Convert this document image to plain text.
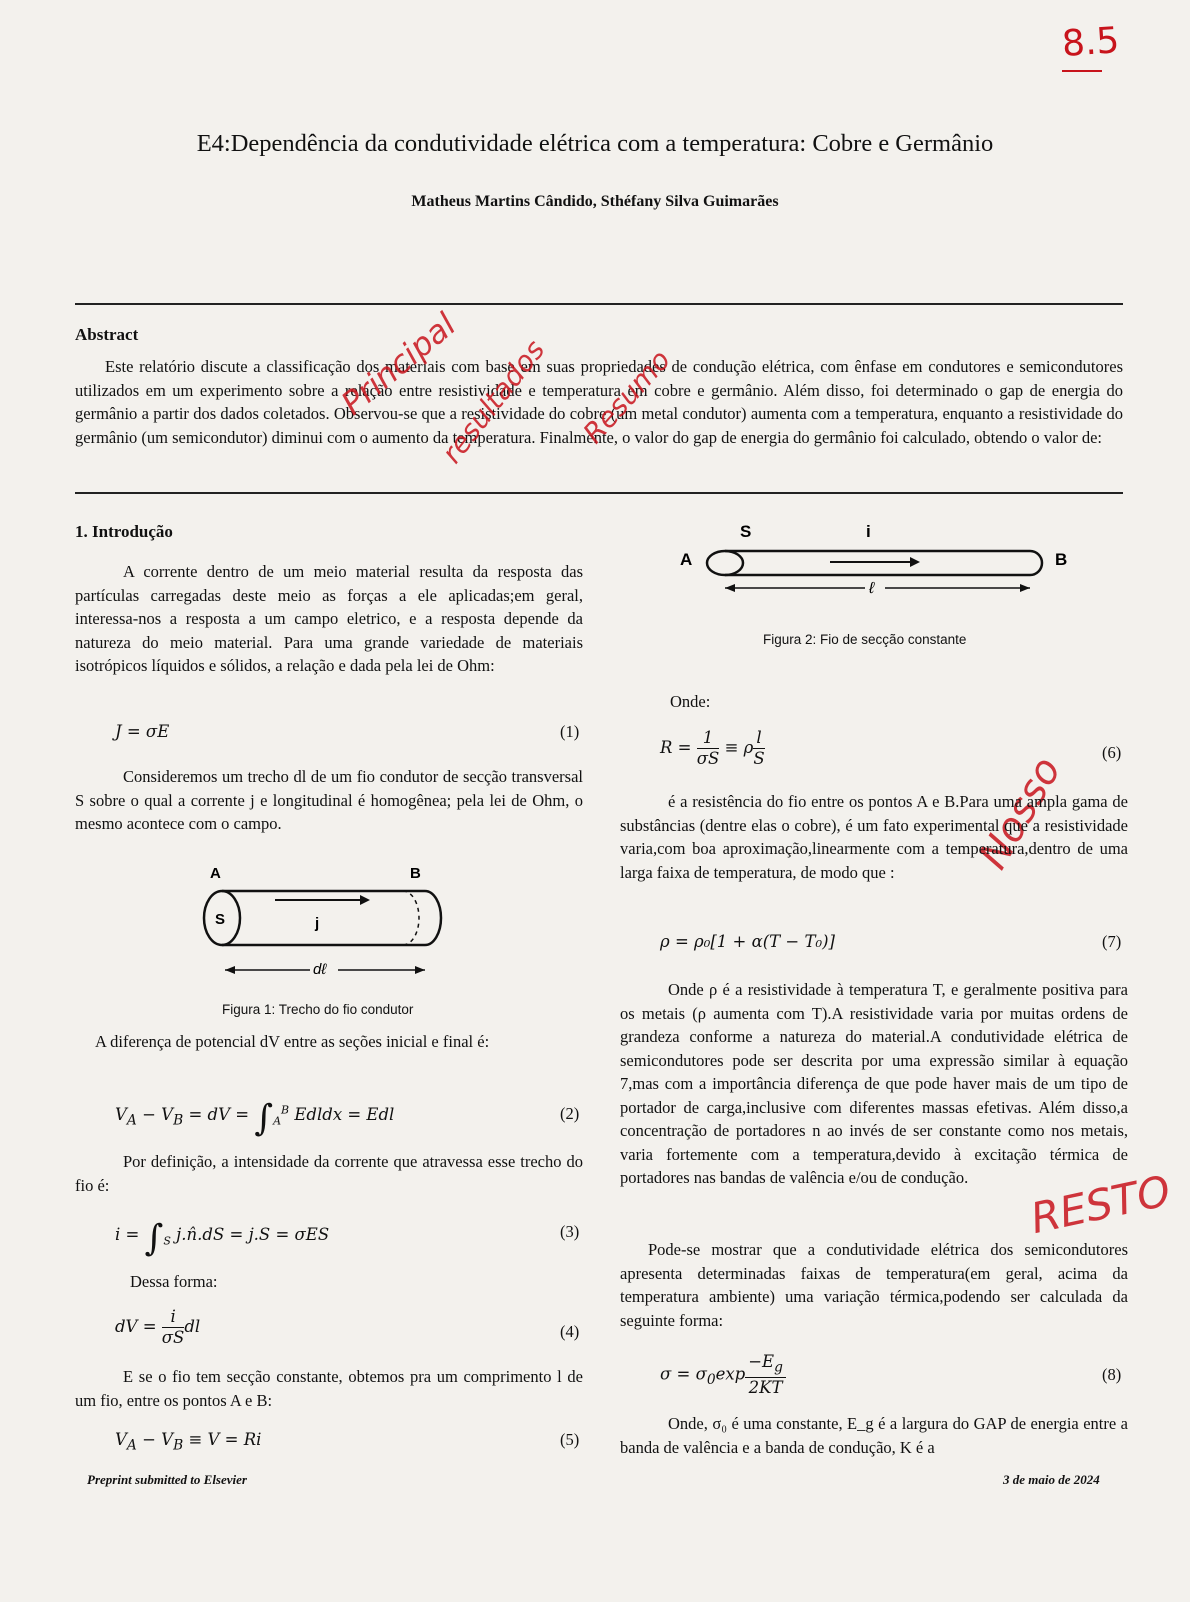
8.5
E4:Dependência da condutividade elétrica com a temperatura: Cobre e Germânio
Matheus Martins Cândido, Sthéfany Silva Guimarães
Abstract
Este relatório discute a classificação dos materiais com base em suas propriedades de condução elétrica, com ênfase em condutores e semicondutores utilizados em um experimento sobre a relação entre resistividade e temperatura em cobre e germânio. Além disso, foi determinado o gap de energia do germânio a partir dos dados coletados. Observou-se que a resistividade do cobre (um metal condutor) aumenta com a temperatura, enquanto a resistividade do germânio (um semicondutor) diminui com o aumento da temperatura. Finalmente, o valor do gap de energia do germânio foi calculado, obtendo o valor de:
Principal
resultados Resumo
Nosso
RESTO
1. Introdução
A corrente dentro de um meio material resulta da resposta das partículas carregadas deste meio as forças a ele aplicadas;em geral, interessa-nos a resposta a um campo eletrico, e a resposta depende da natureza do meio material. Para uma grande variedade de materiais isotrópicos líquidos e sólidos, a relação e dada pela lei de Ohm:
J = σE	(1)
Consideremos um trecho dl de um fio condutor de secção transversal S sobre o qual a corrente j e longitudinal é homogênea; pela lei de Ohm, o mesmo acontece com o campo.
A	B
S	j
dℓ
Figura 1: Trecho do fio condutor
A diferença de potencial dV entre as seções inicial e final é:
$V_A - V_B$ = dV = $\int_A^B$ Edldx = Edl	(2)
Por definição, a intensidade da corrente que atravessa esse trecho do fio é:
$i = \int_S$ j.n̂.dS = j.S = σES	(3)
Dessa forma:
dV = $\frac{i}{\sigma S}$ dl	(4)
E se o fio tem secção constante, obtemos pra um comprimento l de um fio, entre os pontos A e B:
$V_A - V_B \equiv V = Ri$	(5)
A	B
S	i
ℓ
Figura 2: Fio de secção constante
Onde:
$R = \frac{1}{\sigma S} \equiv \rho \frac{l}{S}$	(6)
é a resistência do fio entre os pontos A e B.Para uma ampla gama de substâncias (dentre elas o cobre), é um fato experimental que a resistividade varia,com boa aproximação,linearmente com a temperatura,dentro de uma larga faixa de temperatura, de modo que :
ρ = ρ₀[1 + α(T − T₀)]	(7)
Onde ρ é a resistividade à temperatura T, e geralmente positiva para os metais (ρ aumenta com T).A resistividade varia por muitas ordens de grandeza conforme a natureza do material.A condutividade elétrica de semicondutores pode ser descrita por uma expressão similar à equação 7,mas com a importância diferença de que pode haver mais de um tipo de portador de carga,inclusive com diferentes massas efetivas. Além disso,a concentração de portadores n ao invés de ser constante como nos metais, varia fortemente com a temperatura,devido à excitação térmica de portadores nas bandas de valência e/ou de condução.
Pode-se mostrar que a condutividade elétrica dos semicondutores apresenta determinadas faixas de temperatura(em geral, acima da temperatura ambiente) uma variação térmica,podendo ser calculada da seguinte forma:
$\sigma = \sigma_0\exp \frac{-E_g}{2KT}$	(8)
Onde, σ₀ é uma constante, E_g é a largura do GAP de energia entre a banda de valência e a banda de condução, K é a
Preprint submitted to Elsevier	3 de maio de 2024
